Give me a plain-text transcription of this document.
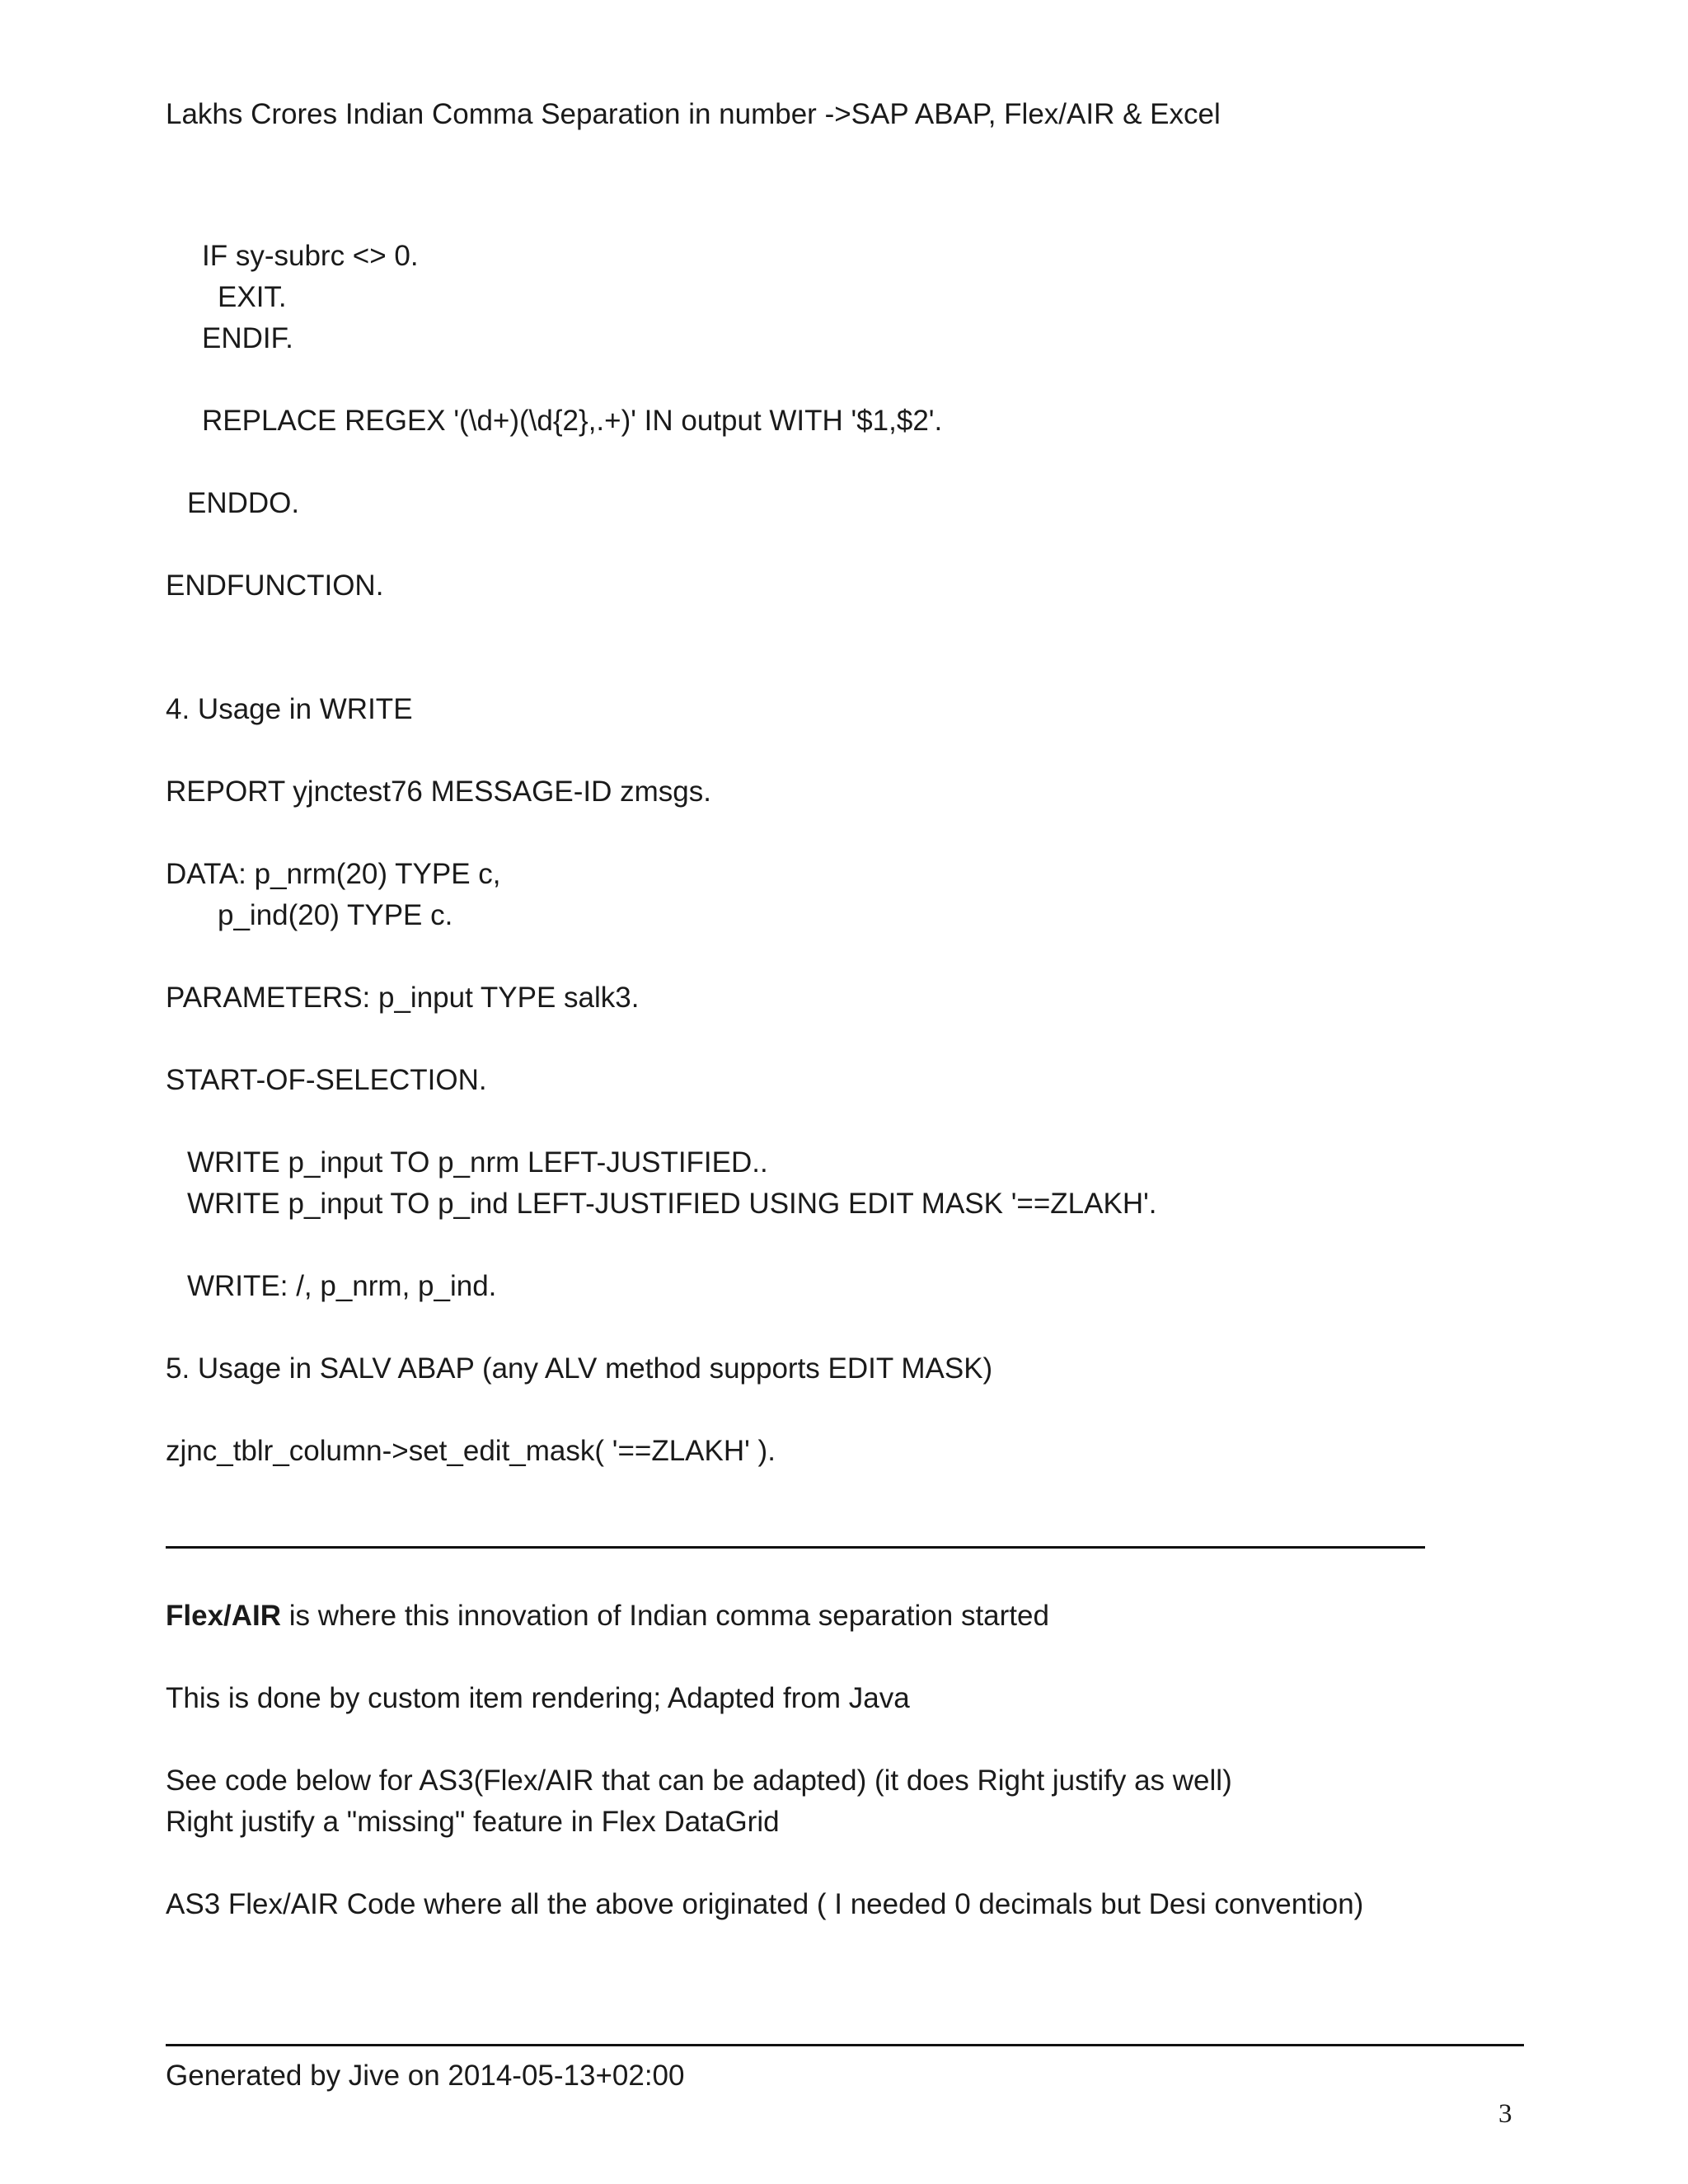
Lakhs Crores Indian Comma Separation in number ->SAP ABAP, Flex/AIR & Excel
IF sy-subrc <> 0.
EXIT.
ENDIF.
REPLACE REGEX '(\d+)(\d{2},.+)' IN output WITH '$1,$2'.
ENDDO.
ENDFUNCTION.
4. Usage in WRITE
REPORT yjnctest76 MESSAGE-ID zmsgs.
DATA: p_nrm(20) TYPE c,
p_ind(20) TYPE c.
PARAMETERS: p_input TYPE salk3.
START-OF-SELECTION.
WRITE p_input TO p_nrm LEFT-JUSTIFIED..
WRITE p_input TO p_ind LEFT-JUSTIFIED USING EDIT MASK '==ZLAKH'.
WRITE: /, p_nrm, p_ind.
5. Usage in SALV ABAP (any ALV method supports EDIT MASK)
zjnc_tblr_column->set_edit_mask( '==ZLAKH' ).
Flex/AIR is where this innovation of Indian comma separation started
This is done by custom item rendering; Adapted from Java
See code below for AS3(Flex/AIR that can be adapted) (it does Right justify as well)
Right justify a "missing" feature in Flex DataGrid
AS3 Flex/AIR Code where all the above originated ( I needed 0 decimals but Desi convention)
Generated by Jive on 2014-05-13+02:00
3
